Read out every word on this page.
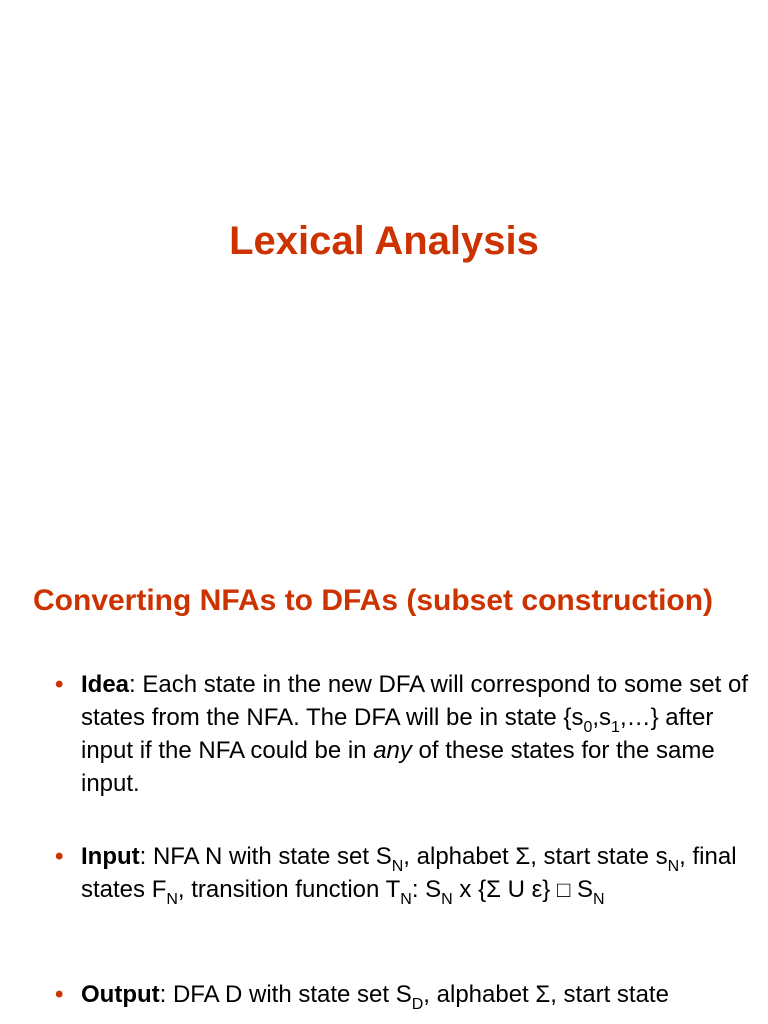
Lexical Analysis
Converting NFAs to DFAs (subset construction)
• Idea: Each state in the new DFA will correspond to some set of states from the NFA. The DFA will be in state $\{s_0,s_1,\dots\}$ after input if the NFA could be in any of these states for the same input.
• Input: NFA N with state set $S_N$, alphabet Σ, start state $s_N$, final states $F_N$, transition function $T_N$: $S_N$ x {Σ U ε} □ $S_N$
• Output: DFA D with state set $S_D$, alphabet Σ, start state
